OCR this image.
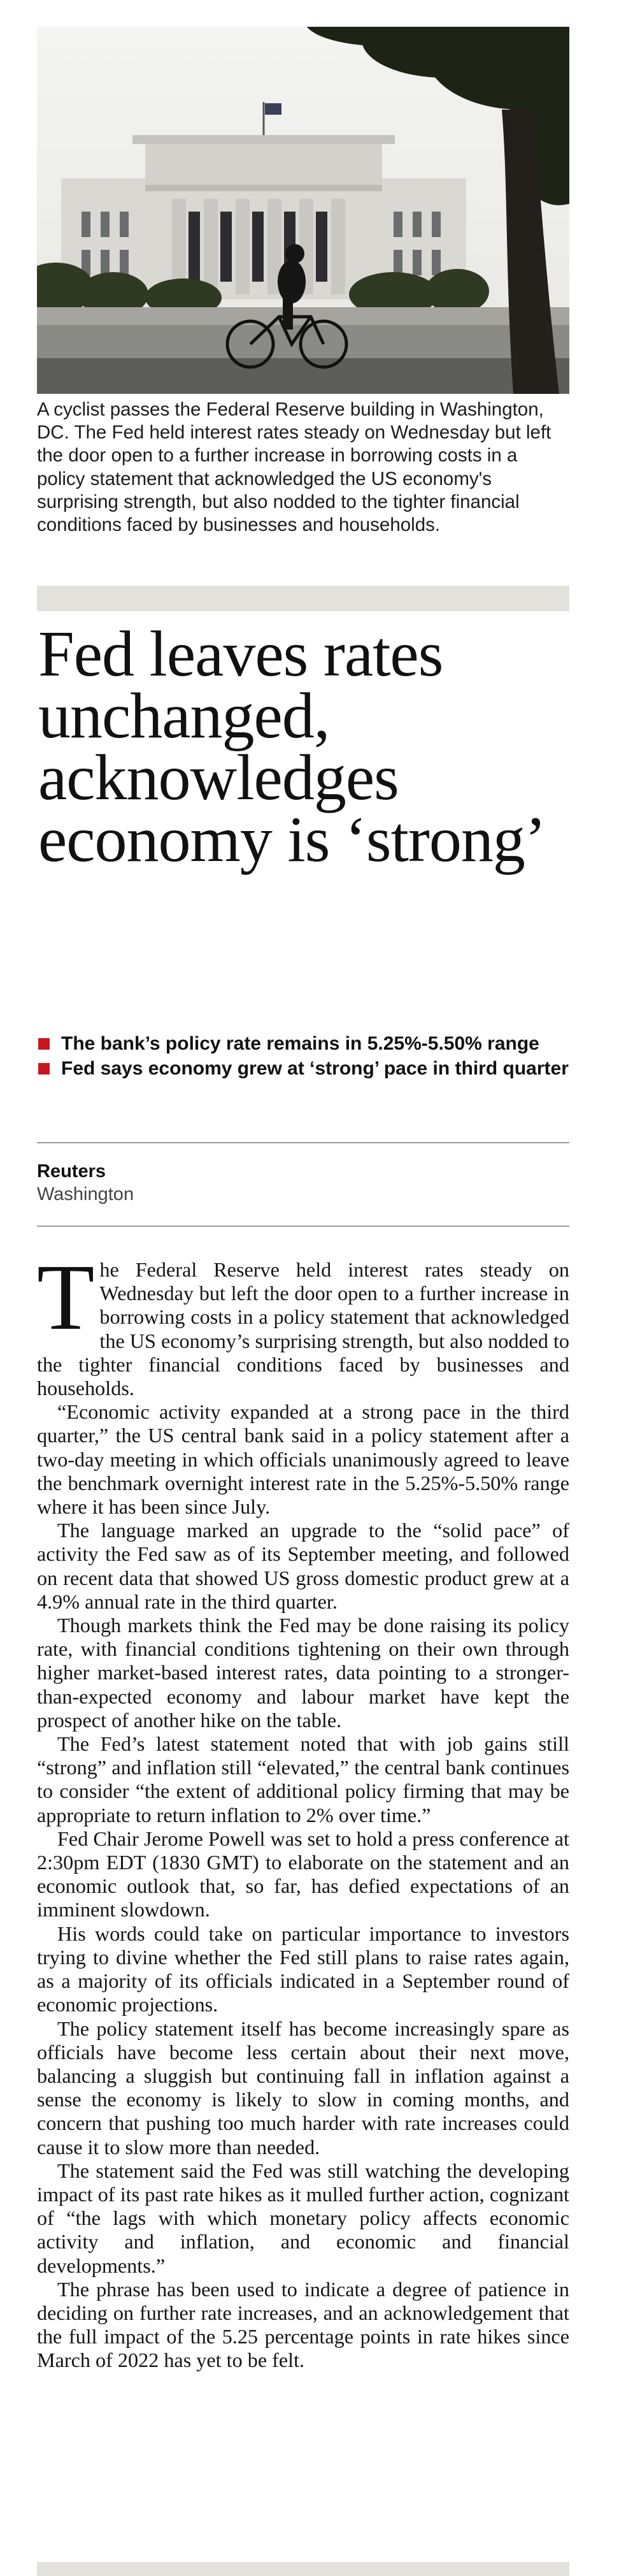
A cyclist passes the Federal Reserve building in Washington, DC. The Fed held interest rates steady on Wednesday but left the door open to a further increase in borrowing costs in a policy statement that acknowledged the US economy's surprising strength, but also nodded to the tighter financial conditions faced by businesses and households.
Fed leaves rates unchanged, acknowledges economy is ‘strong’
The bank’s policy rate remains in 5.25%-5.50% range
Fed says economy grew at ‘strong’ pace in third quarter
Reuters
Washington

The Federal Reserve held interest rates steady on Wednesday but left the door open to a further increase in borrowing costs in a policy statement that acknowledged the US economy’s surprising strength, but also nodded to the tighter financial conditions faced by businesses and households.

“Economic activity expanded at a strong pace in the third quarter,” the US central bank said in a policy statement after a two-day meeting in which officials unanimously agreed to leave the benchmark overnight interest rate in the 5.25%-5.50% range where it has been since July.

The language marked an upgrade to the “solid pace” of activity the Fed saw as of its September meeting, and followed on recent data that showed US gross domestic product grew at a 4.9% annual rate in the third quarter.

Though markets think the Fed may be done raising its policy rate, with financial conditions tightening on their own through higher market-based interest rates, data pointing to a stronger-than-expected economy and labour market have kept the prospect of another hike on the table.

The Fed’s latest statement noted that with job gains still “strong” and inflation still “elevated,” the central bank continues to consider “the extent of additional policy firming that may be appropriate to return inflation to 2% over time.”

Fed Chair Jerome Powell was set to hold a press conference at 2:30pm EDT (1830 GMT) to elaborate on the statement and an economic outlook that, so far, has defied expectations of an imminent slowdown.

His words could take on particular importance to investors trying to divine whether the Fed still plans to raise rates again, as a majority of its officials indicated in a September round of economic projections.

The policy statement itself has become increasingly spare as officials have become less certain about their next move, balancing a sluggish but continuing fall in inflation against a sense the economy is likely to slow in coming months, and concern that pushing too much harder with rate increases could cause it to slow more than needed.

The statement said the Fed was still watching the developing impact of its past rate hikes as it mulled further action, cognizant of “the lags with which monetary policy affects economic activity and inflation, and economic and financial developments.”

The phrase has been used to indicate a degree of patience in deciding on further rate increases, and an acknowledgement that the full impact of the 5.25 percentage points in rate hikes since March of 2022 has yet to be felt.
